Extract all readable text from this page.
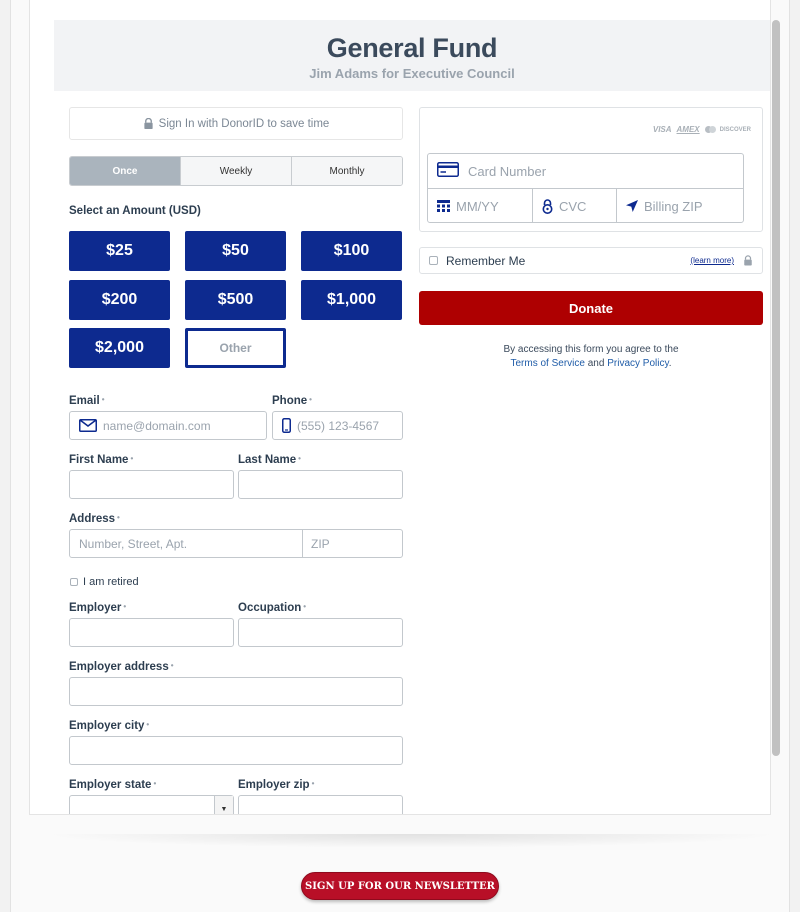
General Fund
Jim Adams for Executive Council
Sign In with DonorID to save time
Once	Weekly	Monthly
Select an Amount (USD)
$25	$50	$100
$200	$500	$1,000
$2,000	Other
Email •
name@domain.com
Phone •
(555) 123-4567
First Name •	Last Name •
Address •
Number, Street, Apt.	ZIP
I am retired
Employer •	Occupation •
Employer address •
Employer city •
Employer state •
▼
Employer zip •
VISA AMEX	DISCOVER
Card Number
MM/YY	CVC	Billing ZIP
Remember Me	(learn more)
Donate
By accessing this form you agree to the
Terms of Service and Privacy Policy.
SIGN UP FOR OUR NEWSLETTER
